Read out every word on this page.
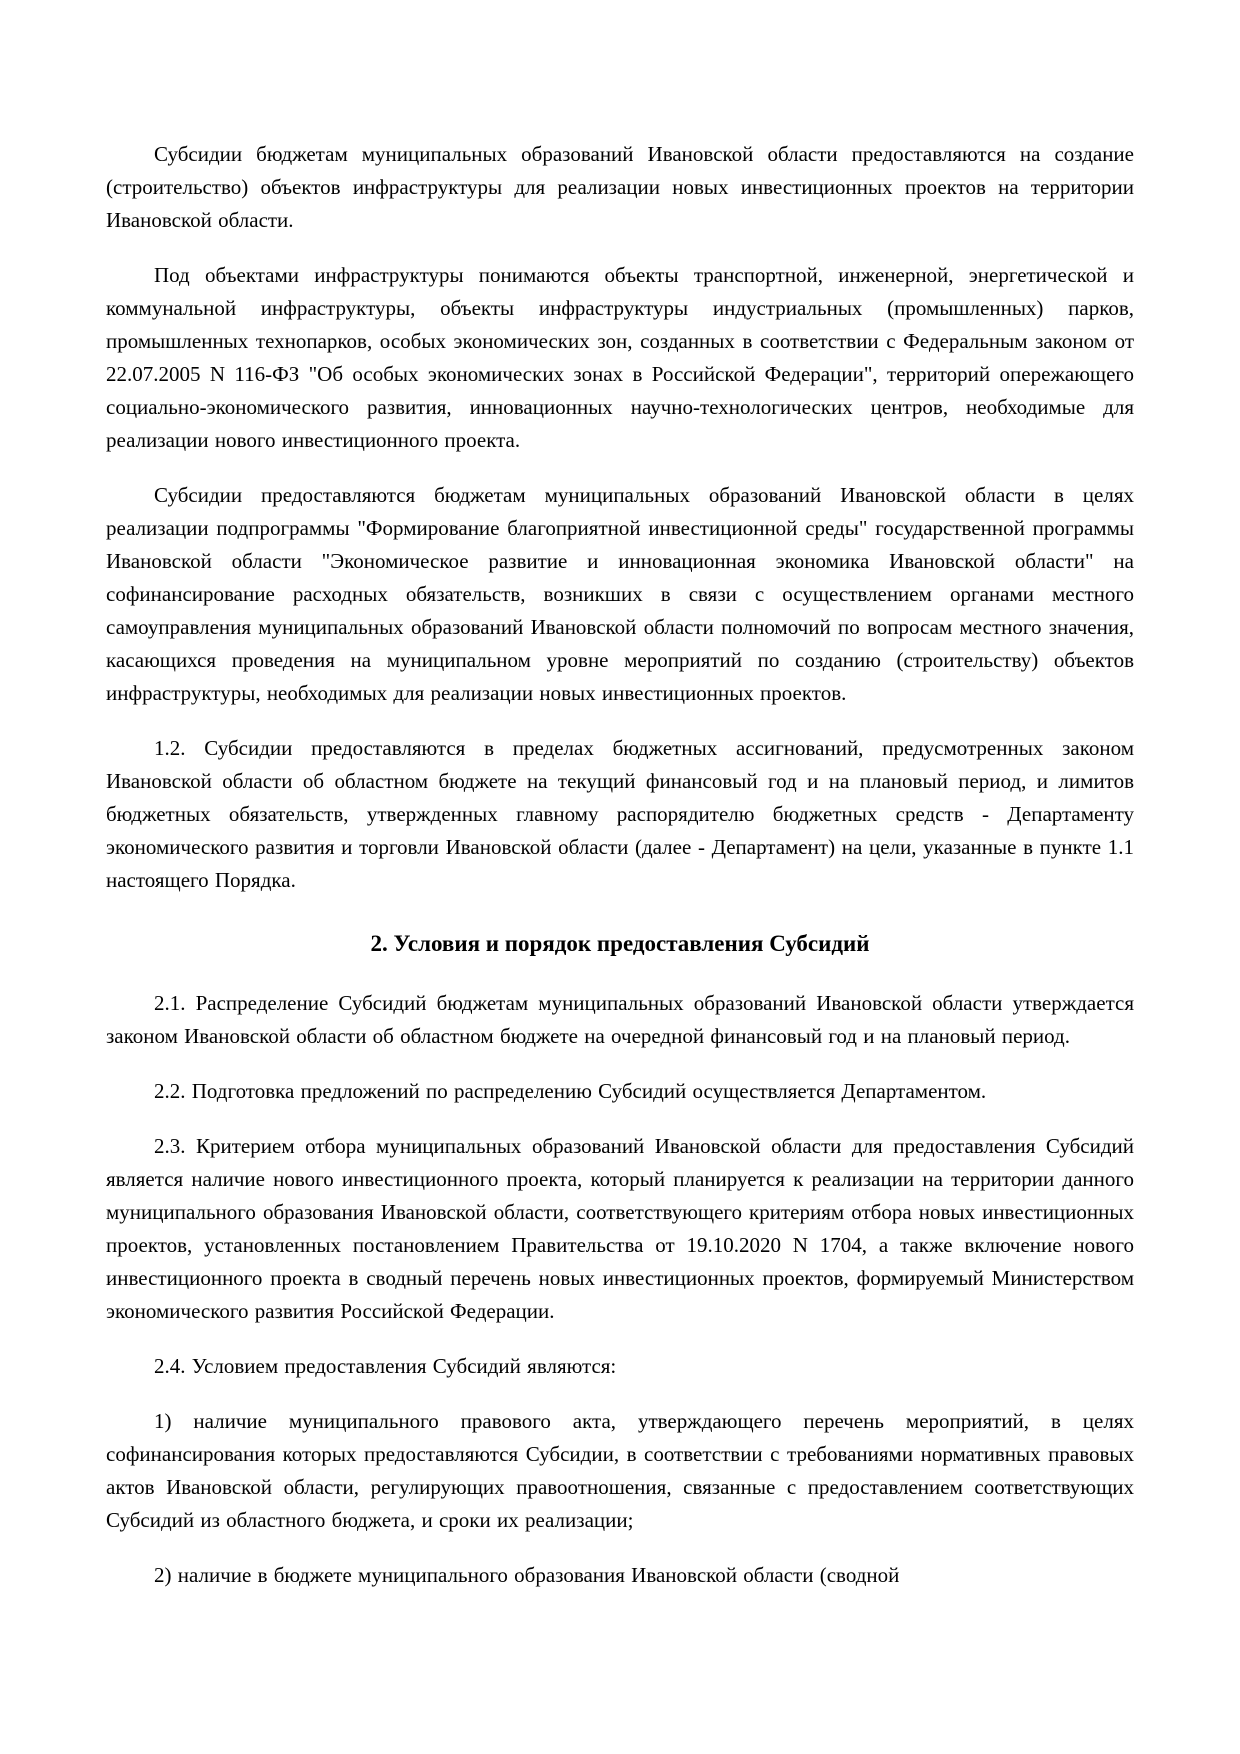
Субсидии бюджетам муниципальных образований Ивановской области предоставляются на создание (строительство) объектов инфраструктуры для реализации новых инвестиционных проектов на территории Ивановской области.

Под объектами инфраструктуры понимаются объекты транспортной, инженерной, энергетической и коммунальной инфраструктуры, объекты инфраструктуры индустриальных (промышленных) парков, промышленных технопарков, особых экономических зон, созданных в соответствии с Федеральным законом от 22.07.2005 N 116-ФЗ "Об особых экономических зонах в Российской Федерации", территорий опережающего социально-экономического развития, инновационных научно-технологических центров, необходимые для реализации нового инвестиционного проекта.

Субсидии предоставляются бюджетам муниципальных образований Ивановской области в целях реализации подпрограммы "Формирование благоприятной инвестиционной среды" государственной программы Ивановской области "Экономическое развитие и инновационная экономика Ивановской области" на софинансирование расходных обязательств, возникших в связи с осуществлением органами местного самоуправления муниципальных образований Ивановской области полномочий по вопросам местного значения, касающихся проведения на муниципальном уровне мероприятий по созданию (строительству) объектов инфраструктуры, необходимых для реализации новых инвестиционных проектов.

1.2. Субсидии предоставляются в пределах бюджетных ассигнований, предусмотренных законом Ивановской области об областном бюджете на текущий финансовый год и на плановый период, и лимитов бюджетных обязательств, утвержденных главному распорядителю бюджетных средств - Департаменту экономического развития и торговли Ивановской области (далее - Департамент) на цели, указанные в пункте 1.1 настоящего Порядка.

2. Условия и порядок предоставления Субсидий

2.1. Распределение Субсидий бюджетам муниципальных образований Ивановской области утверждается законом Ивановской области об областном бюджете на очередной финансовый год и на плановый период.

2.2. Подготовка предложений по распределению Субсидий осуществляется Департаментом.

2.3. Критерием отбора муниципальных образований Ивановской области для предоставления Субсидий является наличие нового инвестиционного проекта, который планируется к реализации на территории данного муниципального образования Ивановской области, соответствующего критериям отбора новых инвестиционных проектов, установленных постановлением Правительства от 19.10.2020 N 1704, а также включение нового инвестиционного проекта в сводный перечень новых инвестиционных проектов, формируемый Министерством экономического развития Российской Федерации.

2.4. Условием предоставления Субсидий являются:

1) наличие муниципального правового акта, утверждающего перечень мероприятий, в целях софинансирования которых предоставляются Субсидии, в соответствии с требованиями нормативных правовых актов Ивановской области, регулирующих правоотношения, связанные с предоставлением соответствующих Субсидий из областного бюджета, и сроки их реализации;

2) наличие в бюджете муниципального образования Ивановской области (сводной
